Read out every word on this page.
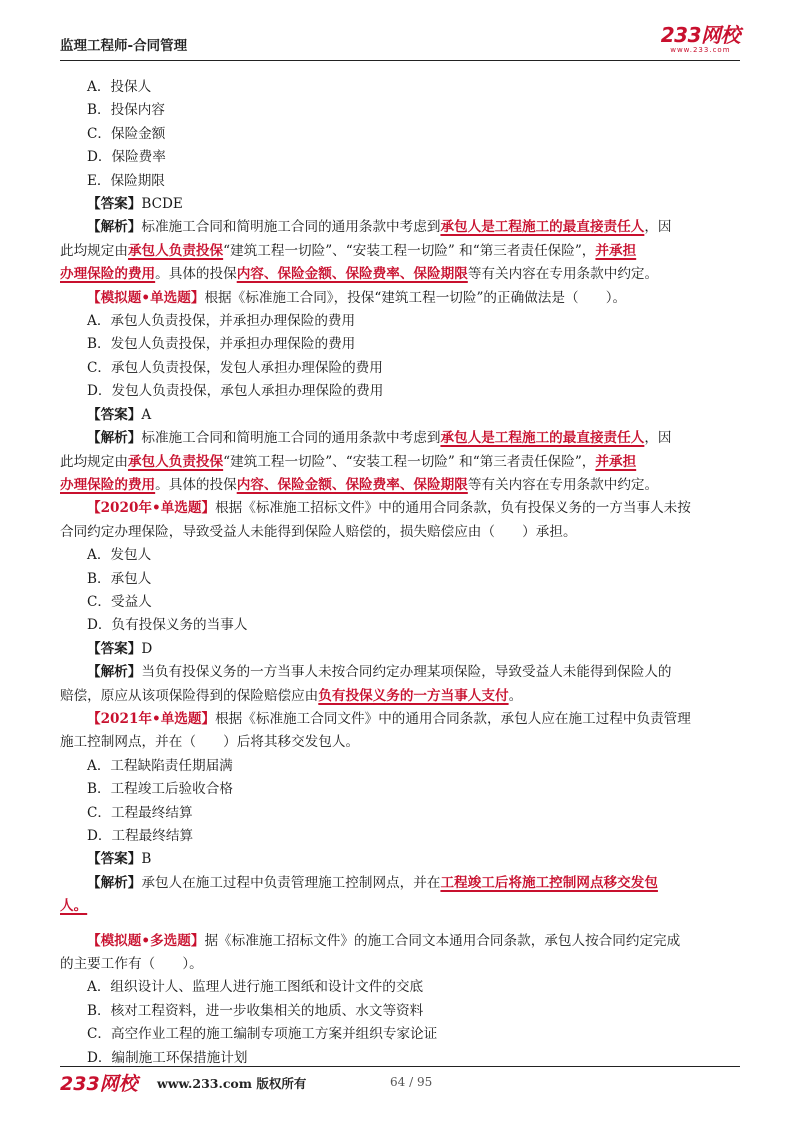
监理工程师-合同管理	233网校
www.233.com
A．投保人
B．投保内容
C．保险金额
D．保险费率
E．保险期限
【答案】BCDE
【解析】标准施工合同和简明施工合同的通用条款中考虑到承包人是工程施工的最直接责任人，因
此均规定由承包人负责投保“建筑工程一切险”、“安装工程一切险” 和“第三者责任保险”，并承担
办理保险的费用。具体的投保内容、保险金额、保险费率、保险期限等有关内容在专用条款中约定。
【模拟题•单选题】根据《标准施工合同》，投保“建筑工程一切险”的正确做法是（　　）。
A．承包人负责投保，并承担办理保险的费用
B．发包人负责投保，并承担办理保险的费用
C．承包人负责投保，发包人承担办理保险的费用
D．发包人负责投保，承包人承担办理保险的费用
【答案】A
【解析】标准施工合同和简明施工合同的通用条款中考虑到承包人是工程施工的最直接责任人，因
此均规定由承包人负责投保“建筑工程一切险”、“安装工程一切险” 和“第三者责任保险”，并承担
办理保险的费用。具体的投保内容、保险金额、保险费率、保险期限等有关内容在专用条款中约定。
【2020年•单选题】根据《标准施工招标文件》中的通用合同条款，负有投保义务的一方当事人未按
合同约定办理保险，导致受益人未能得到保险人赔偿的，损失赔偿应由（　　）承担。
A．发包人
B．承包人
C．受益人
D．负有投保义务的当事人
【答案】D
【解析】当负有投保义务的一方当事人未按合同约定办理某项保险，导致受益人未能得到保险人的
赔偿，原应从该项保险得到的保险赔偿应由负有投保义务的一方当事人支付。
【2021年•单选题】根据《标准施工合同文件》中的通用合同条款，承包人应在施工过程中负责管理
施工控制网点，并在（　　）后将其移交发包人。
A．工程缺陷责任期届满
B．工程竣工后验收合格
C．工程最终结算
D．工程最终结算
【答案】B
【解析】承包人在施工过程中负责管理施工控制网点，并在工程竣工后将施工控制网点移交发包
人。
【模拟题•多选题】据《标准施工招标文件》的施工合同文本通用合同条款，承包人按合同约定完成
的主要工作有（　　）。
A．组织设计人、监理人进行施工图纸和设计文件的交底
B．核对工程资料，进一步收集相关的地质、水文等资料
C．高空作业工程的施工编制专项施工方案并组织专家论证
D．编制施工环保措施计划
233网校 www.233.com 版权所有	64 / 95
